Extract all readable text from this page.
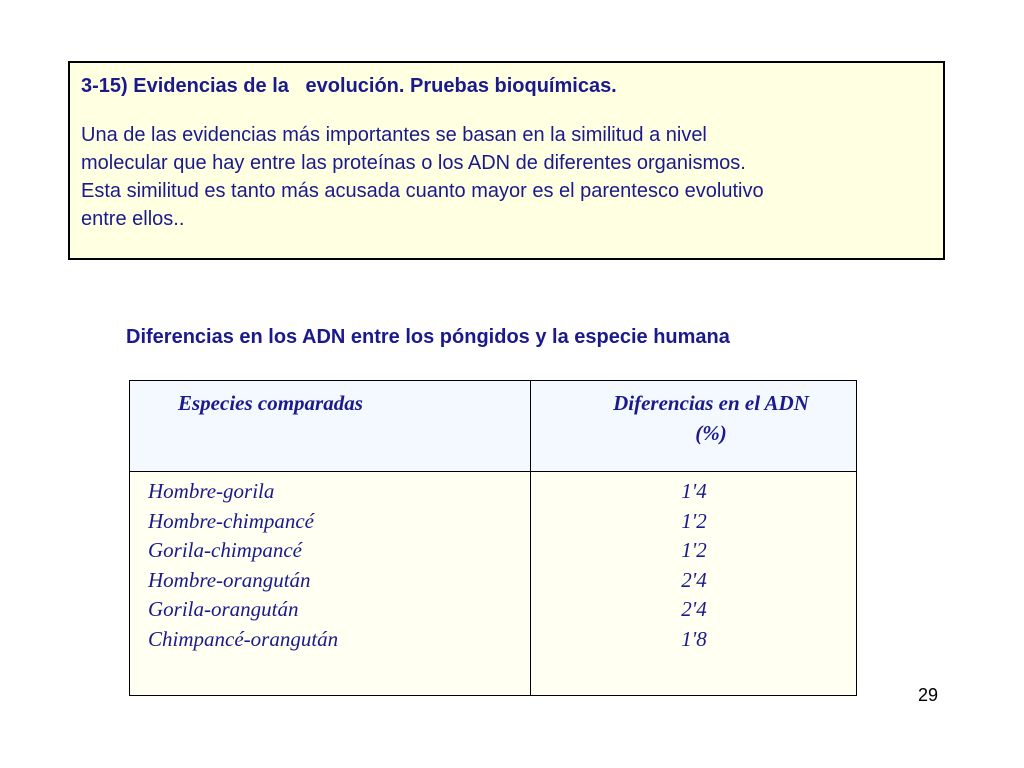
3-15) Evidencias de la   evolución. Pruebas bioquímicas.

Una de las evidencias más importantes se basan en la similitud a nivel
molecular que hay entre las proteínas o los ADN de diferentes organismos.
Esta similitud es tanto más acusada cuanto mayor es el parentesco evolutivo
entre ellos..

Diferencias en los ADN entre los póngidos y la especie humana

Especies comparadas	Diferencias en el ADN
(%)

Hombre-gorila	1'4
Hombre-chimpancé	1'2
Gorila-chimpancé	1'2
Hombre-orangután	2'4
Gorila-orangután	2'4
Chimpancé-orangután	1'8

29
